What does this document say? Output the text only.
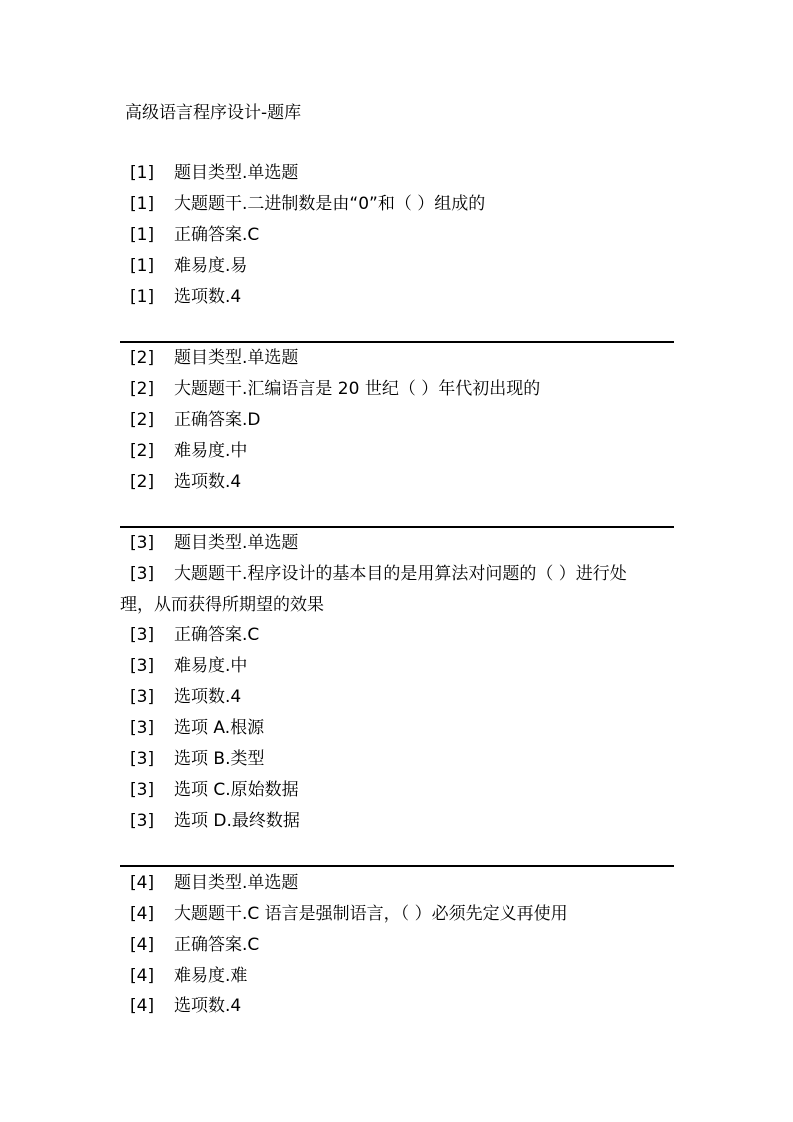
高级语言程序设计-题库
[1] 题目类型.单选题
[1] 大题题干.二进制数是由“0”和（ ）组成的
[1] 正确答案.C
[1] 难易度.易
[1] 选项数.4
[2] 题目类型.单选题
[2] 大题题干.汇编语言是 20 世纪（ ）年代初出现的
[2] 正确答案.D
[2] 难易度.中
[2] 选项数.4
[3] 题目类型.单选题
[3] 大题题干.程序设计的基本目的是用算法对问题的（ ）进行处
理，从而获得所期望的效果
[3] 正确答案.C
[3] 难易度.中
[3] 选项数.4
[3] 选项 A.根源
[3] 选项 B.类型
[3] 选项 C.原始数据
[3] 选项 D.最终数据
[4] 题目类型.单选题
[4] 大题题干.C 语言是强制语言，（ ）必须先定义再使用
[4] 正确答案.C
[4] 难易度.难
[4] 选项数.4
